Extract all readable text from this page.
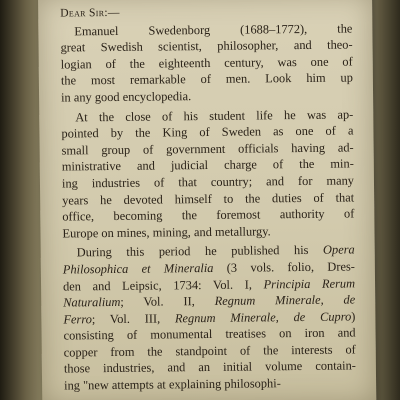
Dear Sir:—
Emanuel Swedenborg (1688–1772), the
great Swedish scientist, philosopher, and theo-
logian of the eighteenth century, was one of
the most remarkable of men. Look him up
in any good encyclopedia.
At the close of his student life he was ap-
pointed by the King of Sweden as one of a
small group of government officials having ad-
ministrative and judicial charge of the min-
ing industries of that country; and for many
years he devoted himself to the duties of that
office, becoming the foremost authority of
Europe on mines, mining, and metallurgy.
During this period he published his Opera
Philosophica et Mineralia (3 vols. folio, Dres-
den and Leipsic, 1734: Vol. I, Principia Rerum
Naturalium; Vol. II, Regnum Minerale, de
Ferro; Vol. III, Regnum Minerale, de Cupro)
consisting of monumental treatises on iron and
copper from the standpoint of the interests of
those industries, and an initial volume contain-
ing "new attempts at explaining philosophi-
